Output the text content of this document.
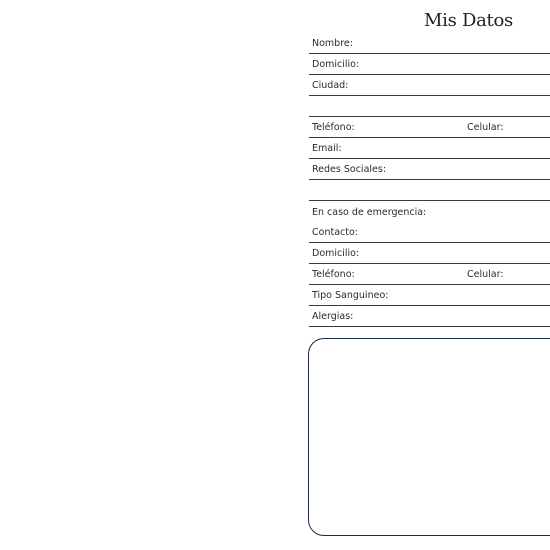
Mis Datos
Nombre:
Domicilio:
Ciudad:
Teléfono:	Celular:
Email:
Redes Sociales:
En caso de emergencia:
Contacto:
Domicilio:
Teléfono:	Celular:
Tipo Sanguineo:
Alergias:
